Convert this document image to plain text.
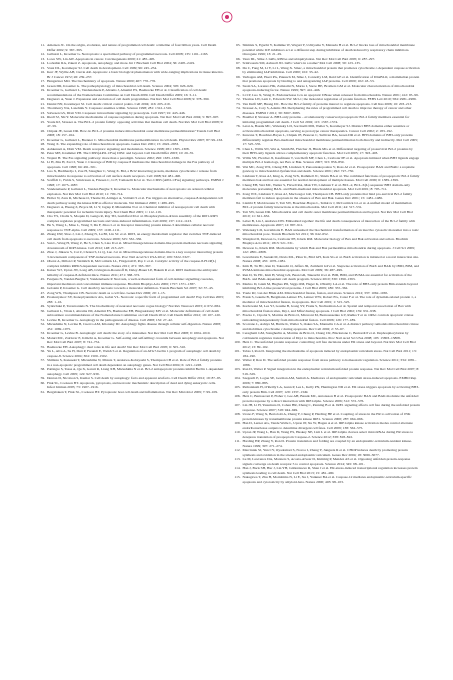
11. Ameisen JC. On the origin, evolution, and nature of programmed cell death: a timeline of four billion years. Cell Death Differ 2002; 9: 367–393.
12. Galluzzi L, Kroemer G. Necroptosis: a specialized pathway of programmed necrosis. Cell 2008; 135: 1161–1163.
13. Lowe SW, Lin AW. Apoptosis in cancer. Carcinogenesis 2000; 21: 485–495.
14. Lockshin RA, Zakeri Z. Apoptosis, autophagy, and more. Int J Biochem Cell Biol 2004; 36: 2405–2419.
15. Vaux DL, Korsmeyer SJ. Cell death in development. Cell 1999; 96: 245–254.
16. Kerr JF, Wyllie AH, Currie AR. Apoptosis: a basic biological phenomenon with wide-ranging implications in tissue kinetics. Br J Cancer 1972; 26: 239–257.
17. Hengartner MO. The biochemistry of apoptosis. Nature 2000; 407: 770–776.
18. Green DR, Kroemer G. The pathophysiology of mitochondrial cell death. Science 2004; 305: 626–629.
19. Kroemer G, Galluzzi L, Vandenabeele P, Abrams J, Alnemri ES, Baehrecke EH et al. Classification of cell death: recommendations of the Nomenclature Committee on Cell Death 2009. Cell Death Differ 2009; 16: 3–11.
20. Degterev A, Yuan J. Expansion and evolution of cell death programmes. Nat Rev Mol Cell Biol 2008; 9: 378–390.
21. Danial NN, Korsmeyer SJ. Cell death: critical control points. Cell 2004; 116: 205–219.
22. Thornberry NA, Lazebnik Y. Caspases: enemies within. Science 1998; 281: 1312–1316.
23. Salvesen GS, Dixit VM. Caspases: intracellular signaling by proteolysis. Cell 1997; 91: 443–446.
24. Riedl SJ, Shi Y. Molecular mechanisms of caspase regulation during apoptosis. Nat Rev Mol Cell Biol 2004; 5: 897–907.
25. Youle RJ, Strasser A. The BCL-2 protein family: opposing activities that mediate cell death. Nat Rev Mol Cell Biol 2008; 9: 47–59.
26. Chipuk JE, Green DR. How do BCL-2 proteins induce mitochondrial outer membrane permeabilization? Trends Cell Biol 2008; 18: 157–164.
27. Kroemer G, Galluzzi L, Brenner C. Mitochondrial membrane permeabilization in cell death. Physiol Rev 2007; 87: 99–163.
28. Wang X. The expanding role of mitochondria in apoptosis. Genes Dev 2001; 15: 2922–2933.
29. Ashkenazi A, Dixit VM. Death receptors: signaling and modulation. Science 1998; 281: 1305–1308.
30. Peter ME, Krammer PH. The CD95(APO-1/Fas) DISC and beyond. Cell Death Differ 2003; 10: 26–35.
31. Wajant H. The Fas signaling pathway: more than a paradigm. Science 2002; 296: 1635–1636.
32. Li H, Zhu H, Xu CJ, Yuan J. Cleavage of BID by caspase 8 mediates the mitochondrial damage in the Fas pathway of apoptosis. Cell 1998; 94: 491–501.
33. Luo X, Budihardjo I, Zou H, Slaughter C, Wang X. Bid, a Bcl2 interacting protein, mediates cytochrome c release from mitochondria in response to activation of cell surface death receptors. Cell 1998; 94: 481–490.
34. Scaffidi C, Fulda S, Srinivasan A, Friesen C, Li F, Tomaselli KJ et al. Two CD95 (APO-1/Fas) signaling pathways. EMBO J 1998; 17: 1675–1687.
35. Vandenabeele P, Galluzzi L, Vanden Berghe T, Kroemer G. Molecular mechanisms of necroptosis: an ordered cellular explosion. Nat Rev Mol Cell Biol 2010; 11: 700–714.
36. Holler N, Zaru R, Micheau O, Thome M, Attinger A, Valitutti S et al. Fas triggers an alternative, caspase-8-independent cell death pathway using the kinase RIP as effector molecule. Nat Immunol 2000; 1: 489–495.
37. Degterev A, Huang Z, Boyce M, Li Y, Jagtap P, Mizushima N et al. Chemical inhibitor of nonapoptotic cell death with therapeutic potential for ischemic brain injury. Nat Chem Biol 2005; 1: 112–119.
38. Cho YS, Challa S, Moquin D, Genga R, Ray TD, Guildford M et al. Phosphorylation-driven assembly of the RIP1-RIP3 complex regulates programmed necrosis and virus-induced inflammation. Cell 2009; 137: 1112–1123.
39. He S, Wang L, Miao L, Wang T, Du F, Zhao L et al. Receptor interacting protein kinase-3 determines cellular necrotic response to TNF-alpha. Cell 2009; 137: 1100–1111.
40. Zhang DW, Shao J, Lin J, Zhang N, Lu BJ, Lin SC et al. RIP3, an energy metabolism regulator that switches TNF-induced cell death from apoptosis to necrosis. Science 2009; 325: 332–336.
41. Sun L, Wang H, Wang Z, He S, Chen S, Liao D et al. Mixed lineage kinase domain-like protein mediates necrosis signaling downstream of RIP3 kinase. Cell 2012; 148: 213–227.
42. Zhao J, Jitkaew S, Cai Z, Choksi S, Li Q, Luo J et al. Mixed lineage kinase domain-like is a key receptor interacting protein 3 downstream component of TNF-induced necrosis. Proc Natl Acad Sci USA 2012; 109: 5322–5327.
43. Oberst A, Dillon CP, Weinlich R, McCormick LL, Fitzgerald P, Pop C et al. Catalytic activity of the caspase-8-FLIP(L) complex inhibits RIPK3-dependent necrosis. Nature 2011; 471: 363–367.
44. Kaiser WJ, Upton JW, Long AB, Livingston-Rosanoff D, Daley-Bauer LP, Hakem R et al. RIP3 mediates the embryonic lethality of caspase-8-deficient mice. Nature 2011; 471: 368–372.
45. Festjens N, Vanden Berghe T, Vandenabeele P. Necrosis, a well-orchestrated form of cell demise: signalling cascades, important mediators and concomitant immune response. Biochim Biophys Acta 2006; 1757: 1371–1387.
46. Golstein P, Kroemer G. Cell death by necrosis: towards a molecular definition. Trends Biochem Sci 2007; 32: 37–43.
47. Zong WX, Thompson CB. Necrotic death as a cell fate. Genes Dev 2006; 20: 1–15.
48. Proskuryakov SY, Konoplyannikov AG, Gabai VL. Necrosis: a specific form of programmed cell death? Exp Cell Res 2003; 283: 1–16.
49. Syntichaki P, Tavernarakis N. The biochemistry of neuronal necrosis: rogue biology? Nat Rev Neurosci 2003; 4: 672–684.
50. Galluzzi L, Vitale I, Abrams JM, Alnemri ES, Baehrecke EH, Blagosklonny MV et al. Molecular definitions of cell death subroutines: recommendations of the Nomenclature Committee on Cell Death 2012. Cell Death Differ 2012; 19: 107–120.
51. Levine B, Kroemer G. Autophagy in the pathogenesis of disease. Cell 2008; 132: 27–42.
52. Mizushima N, Levine B, Cuervo AM, Klionsky DJ. Autophagy fights disease through cellular self-digestion. Nature 2008; 451: 1069–1075.
53. Kroemer G, Levine B. Autophagic cell death: the story of a misnomer. Nat Rev Mol Cell Biol 2008; 9: 1004–1010.
54. Maiuri MC, Zalckvar E, Kimchi A, Kroemer G. Self-eating and self-killing: crosstalk between autophagy and apoptosis. Nat Rev Mol Cell Biol 2007; 8: 741–752.
55. Baehrecke EH. Autophagy: dual roles in life and death? Nat Rev Mol Cell Biol 2005; 6: 505–510.
56. Yu L, Alva A, Su H, Dutt P, Freundt E, Welsh S et al. Regulation of an ATG7-beclin 1 program of autophagic cell death by caspase-8. Science 2004; 304: 1500–1502.
57. Shimizu S, Kanaseki T, Mizushima N, Mizuta T, Arakawa-Kobayashi S, Thompson CB et al. Role of Bcl-2 family proteins in a non-apoptotic programmed cell death dependent on autophagy genes. Nat Cell Biol 2004; 6: 1221–1228.
58. Pattingre S, Tassa A, Qu X, Garuti R, Liang XH, Mizushima N et al. Bcl-2 antiapoptotic proteins inhibit Beclin 1-dependent autophagy. Cell 2005; 122: 927–939.
59. Denton D, Nicolson S, Kumar S. Cell death by autophagy: facts and apparent artefacts. Cell Death Differ 2012; 19: 87–95.
60. Fink SL, Cookson BT. Apoptosis, pyroptosis, and necrosis: mechanistic description of dead and dying eukaryotic cells. Infect Immun 2005; 73: 1907–1916.
61. Bergsbaken T, Fink SL, Cookson BT. Pyroptosis: host cell death and inflammation. Nat Rev Microbiol 2009; 7: 99–109.
65. Shimizu S, Eguchi Y, Kamiike W, Waguri Y, Uchiyama Y, Matsuda H et al. Bcl-2 blocks loss of mitochondrial membrane potential while ICE inhibitors act at a different step during inhibition of death induced by respiratory chain inhibitors. Oncogene 1996; 13: 21–29.
66. Vaux DL, Silke J. IAPs, RINGs and ubiquitylation. Nat Rev Mol Cell Biol 2005; 6: 287–297.
67. Srinivasula SM, Ashwell JD. IAPs: what's in a name? Mol Cell 2008; 30: 123–135.
68. Du C, Fang M, Li Y, Li L, Wang X. Smac, a mitochondrial protein that promotes cytochrome c-dependent caspase activation by eliminating IAP inhibition. Cell 2000; 102: 33–42.
69. Verhagen AM, Ekert PG, Pakusch M, Silke J, Connolly LM, Reid GE et al. Identification of DIABLO, a mammalian protein that promotes apoptosis by binding to and antagonizing IAP proteins. Cell 2000; 102: 43–53.
70. Susin SA, Lorenzo HK, Zamzami N, Marzo I, Snow BE, Brothers GM et al. Molecular characterization of mitochondrial apoptosis-inducing factor. Nature 1999; 397: 441–446.
71. Li LY, Luo X, Wang X. Endonuclease G is an apoptotic DNase when released from mitochondria. Nature 2001; 412: 95–99.
72. Thomas LW, Lam C, Edwards SW. Mcl-1; the molecular regulation of protein function. FEBS Lett 2010; 584: 2981–2989.
73. Van Delft MF, Huang DC. How the Bcl-2 family of proteins interact to regulate apoptosis. Cell Res 2006; 16: 203–213.
74. Strasser A, Cory S, Adams JM. Deciphering the rules of programmed cell death to improve therapy of cancer and other diseases. EMBO J 2011; 30: 3667–3683.
75. Bouillet P, Strasser A. BH3-only proteins – evolutionarily conserved proapoptotic Bcl-2 family members essential for initiating programmed cell death. J Cell Sci 2002; 115: 1567–1574.
76. Letai A, Bassik MC, Walensky LD, Sorcinelli MD, Weiler S, Korsmeyer SJ. Distinct BH3 domains either sensitize or activate mitochondrial apoptosis, serving as prototype cancer therapeutics. Cancer Cell 2002; 2: 183–192.
77. Kuwana T, Bouchier-Hayes L, Chipuk JE, Bonzon C, Sullivan BA, Green DR et al. BH3 domains of BH3-only proteins differentially regulate Bax-mediated mitochondrial membrane permeabilization both directly and indirectly. Mol Cell 2005; 17: 525–535.
78. Chen L, Willis SN, Wei A, Smith BJ, Fletcher JI, Hinds MG et al. Differential targeting of prosurvival Bcl-2 proteins by their BH3-only ligands allows complementary apoptotic function. Mol Cell 2005; 17: 393–403.
79. Willis SN, Fletcher JI, Kaufmann T, van Delft MF, Chen L, Czabotar PE et al. Apoptosis initiated when BH3 ligands engage multiple Bcl-2 homologs, not Bax or Bak. Science 2007; 315: 856–859.
80. Wei MC, Zong WX, Cheng EH, Lindsten T, Panoutsakopoulou V, Ross AJ et al. Proapoptotic BAX and BAK: a requisite gateway to mitochondrial dysfunction and death. Science 2001; 292: 727–730.
81. Lindsten T, Ross AJ, King A, Zong WX, Rathmell JC, Shiels HA et al. The combined functions of proapoptotic Bcl-2 family members bak and bax are essential for normal development of multiple tissues. Mol Cell 2000; 6: 1389–1399.
82. Cheng EH, Wei MC, Weiler S, Flavell RA, Mak TW, Lindsten T et al. BCL-2, BCL-X(L) sequester BH3 domain-only molecules preventing BAX- and BAK-mediated mitochondrial apoptosis. Mol Cell 2001; 8: 705–711.
83. Zong WX, Lindsten T, Ross AJ, MacGregor GR, Thompson CB. BH3-only proteins that bind pro-survival Bcl-2 family members fail to induce apoptosis in the absence of Bax and Bak. Genes Dev 2001; 15: 1481–1486.
84. Llambi F, Moldoveanu T, Tait SW, Bouchier-Hayes L, Temirov J, McCormick LL et al. A unified model of mammalian BCL-2 protein family interactions at the mitochondria. Mol Cell 2011; 44: 517–531.
85. Tait SW, Green DR. Mitochondria and cell death: outer membrane permeabilization and beyond. Nat Rev Mol Cell Biol 2010; 11: 621–632.
86. Leber B, Lin J, Andrews DW. Embedded together: the life and death consequences of interaction of the Bcl-2 family with membranes. Apoptosis 2007; 12: 897–911.
87. Walensky LD, Gavathiotis E. BAX unleashed: the biochemical transformation of an inactive cytosolic monomer into a toxic mitochondrial pore. Trends Biochem Sci 2011; 36: 642–652.
88. Westphal D, Dewson G, Czabotar PE, Kluck RM. Molecular biology of Bax and Bak activation and action. Biochim Biophys Acta 2011; 1813: 521–531.
89. Dewson G, Kluck RM. Mechanisms by which Bak and Bax permeabilise mitochondria during apoptosis. J Cell Sci 2009; 122: 2801–2808.
90. Gavathiotis E, Suzuki M, Davis ML, Pitter K, Bird GH, Katz SG et al. BAX activation is initiated at a novel interaction site. Nature 2008; 455: 1076–1081.
91. Kim H, Tu HC, Ren D, Takeuchi O, Jeffers JR, Zambetti GP et al. Stepwise activation of BAX and BAK by tBID, BIM, and PUMA initiates mitochondrial apoptosis. Mol Cell 2009; 36: 487–499.
92. Ren D, Tu HC, Kim H, Wang GX, Bean GR, Takeuchi O et al. BID, BIM, and PUMA are essential for activation of the BAX- and BAK-dependent cell death program. Science 2010; 330: 1390–1393.
93. Merino D, Giam M, Hughes PD, Siggs OM, Heger K, O'Reilly LA et al. The role of BH3-only protein Bim extends beyond inhibiting Bcl-2-like prosurvival proteins. J Cell Biol 2009; 186: 355–362.
94. Youle RJ, van der Bliek AM. Mitochondrial fission, fusion, and stress. Science 2012; 337: 1062–1065.
95. Frank S, Gaume B, Bergmann-Leitner ES, Leitner WW, Robert EG, Catez F et al. The role of dynamin-related protein 1, a mediator of mitochondrial fission, in apoptosis. Dev Cell 2001; 1: 515–525.
96. Karbowski M, Lee YJ, Gaume B, Jeong SY, Frank S, Nechushtan A et al. Spatial and temporal association of Bax with mitochondrial fission sites, Drp1, and Mfn2 during apoptosis. J Cell Biol 2002; 159: 931–938.
97. Frezza C, Cipolat S, Martins de Brito O, Micaroni M, Beznoussenko GV, Rudka T et al. OPA1 controls apoptotic cristae remodeling independently from mitochondrial fusion. Cell 2006; 126: 177–189.
98. Scorrano L, Ashiya M, Buttle K, Weiler S, Oakes SA, Mannella CA et al. A distinct pathway remodels mitochondrial cristae and mobilizes cytochrome c during apoptosis. Dev Cell 2002; 2: 55–67.
99. Cereghetti GM, Stangherlin A, Martins de Brito O, Chang CR, Blackstone C, Bernardi P et al. Dephosphorylation by calcineurin regulates translocation of Drp1 to mitochondria. Proc Natl Acad Sci USA 2008; 105: 15803–15808.
100. Hetz C. The unfolded protein response: controlling cell fate decisions under ER stress and beyond. Nat Rev Mol Cell Biol 2012; 13: 89–102.
101. Tabas I, Ron D. Integrating the mechanisms of apoptosis induced by endoplasmic reticulum stress. Nat Cell Biol 2011; 13: 184–190.
102. Walter P, Ron D. The unfolded protein response: from stress pathway to homeostatic regulation. Science 2011; 334: 1081–1086.
103. Ron D, Walter P. Signal integration in the endoplasmic reticulum unfolded protein response. Nat Rev Mol Cell Biol 2007; 8: 519–529.
104. Szegezdi E, Logue SE, Gorman AM, Samali A. Mediators of endoplasmic reticulum stress-induced apoptosis. EMBO Rep 2006; 7: 880–885.
105. Puthalakath H, O'Reilly LA, Gunn P, Lee L, Kelly PN, Huntington ND et al. ER stress triggers apoptosis by activating BH3-only protein Bim. Cell 2007; 129: 1337–1349.
106. Hetz C, Bernasconi P, Fisher J, Lee AH, Bassik MC, Antonsson B et al. Proapoptotic BAX and BAK modulate the unfolded protein response by a direct interaction with IRE1alpha. Science 2006; 312: 572–576.
107. Lin JH, Li H, Yasumura D, Cohen HR, Zhang C, Panning B et al. IRE1 signaling affects cell fate during the unfolded protein response. Science 2007; 318: 944–949.
108. Urano F, Wang X, Bertolotti A, Zhang Y, Chung P, Harding HP et al. Coupling of stress in the ER to activation of JNK protein kinases by transmembrane protein kinase IRE1. Science 2000; 287: 664–666.
109. Han D, Lerner AG, Vande Walle L, Upton JP, Xu W, Hagen A et al. IRE1alpha kinase activation modes control alternate endoribonuclease outputs to determine divergent cell fates. Cell 2009; 138: 562–575.
110. Upton JP, Wang L, Han D, Wang ES, Huskey NE, Lim L et al. IRE1alpha cleaves select microRNAs during ER stress to derepress translation of proapoptotic Caspase-2. Science 2012; 338: 818–822.
111. Harding HP, Zhang Y, Ron D. Protein translation and folding are coupled by an endoplasmic-reticulum-resident kinase. Nature 1999; 397: 271–274.
112. Marciniak SJ, Yun CY, Oyadomari S, Novoa I, Zhang Y, Jungreis R et al. CHOP induces death by promoting protein synthesis and oxidation in the stressed endoplasmic reticulum. Genes Dev 2004; 18: 3066–3077.
113. Lu M, Lawrence DA, Marsters S, Acosta-Alvear D, Kimmig P, Mendez AS et al. Opposing unfolded-protein-response signals converge on death receptor 5 to control apoptosis. Science 2014; 345: 98–101.
114. Han J, Back SH, Hur J, Lin YH, Gildersleeve R, Shan J et al. ER-stress-induced transcriptional regulation increases protein synthesis leading to cell death. Nat Cell Biol 2013; 15: 481–490.
115. Nakagawa T, Zhu H, Morishima N, Li E, Xu J, Yankner BA et al. Caspase-12 mediates endoplasmic-reticulum-specific apoptosis and cytotoxicity by amyloid-beta. Nature 2000; 403: 98–103.
